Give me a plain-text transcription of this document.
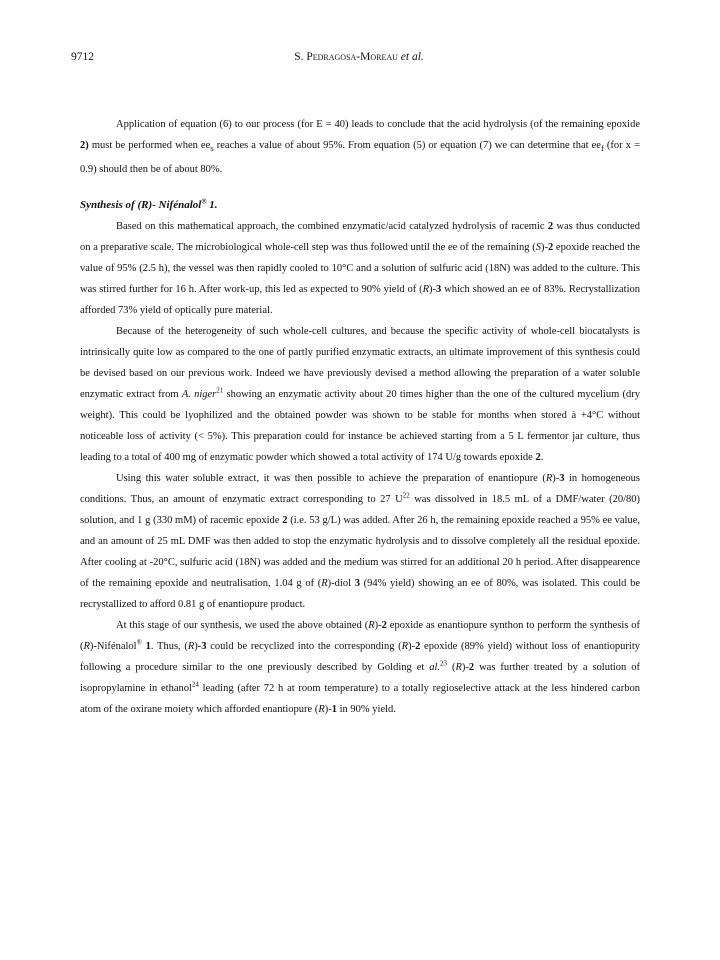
9712	S. Pedragosa-Moreau et al.

Application of equation (6) to our process (for E = 40) leads to conclude that the acid hydrolysis (of the remaining epoxide 2) must be performed when $ee_s$ reaches a value of about 95%. From equation (5) or equation (7) we can determine that $ee_f$ (for x = 0.9) should then be of about 80%.

Synthesis of (R)- Nifénalol® 1.

Based on this mathematical approach, the combined enzymatic/acid catalyzed hydrolysis of racemic 2 was thus conducted on a preparative scale. The microbiological whole-cell step was thus followed until the ee of the remaining (S)-2 epoxide reached the value of 95% (2.5 h), the vessel was then rapidly cooled to 10°C and a solution of sulfuric acid (18N) was added to the culture. This was stirred further for 16 h. After work-up, this led as expected to 90% yield of (R)-3 which showed an ee of 83%. Recrystallization afforded 73% yield of optically pure material.

Because of the heterogeneity of such whole-cell cultures, and because the specific activity of whole-cell biocatalysts is intrinsically quite low as compared to the one of partly purified enzymatic extracts, an ultimate improvement of this synthesis could be devised based on our previous work. Indeed we have previously devised a method allowing the preparation of a water soluble enzymatic extract from A. niger$^{21}$ showing an enzymatic activity about 20 times higher than the one of the cultured mycelium (dry weight). This could be lyophilized and the obtained powder was shown to be stable for months when stored à +4°C without noticeable loss of activity (< 5%). This preparation could for instance be achieved starting from a 5 L fermentor jar culture, thus leading to a total of 400 mg of enzymatic powder which showed a total activity of 174 U/g towards epoxide 2.

Using this water soluble extract, it was then possible to achieve the preparation of enantiopure (R)-3 in homogeneous conditions. Thus, an amount of enzymatic extract corresponding to 27 $U^{22}$ was dissolved in 18.5 mL of a DMF/water (20/80) solution, and 1 g (330 mM) of racemic epoxide 2 (i.e. 53 g/L) was added. After 26 h, the remaining epoxide reached a 95% ee value, and an amount of 25 mL DMF was then added to stop the enzymatic hydrolysis and to dissolve completely all the residual epoxide. After cooling at -20°C, sulfuric acid (18N) was added and the medium was stirred for an additional 20 h period. After disappearence of the remaining epoxide and neutralisation, 1.04 g of (R)-diol 3 (94% yield) showing an ee of 80%, was isolated. This could be recrystallized to afford 0.81 g of enantiopure product.

At this stage of our synthesis, we used the above obtained (R)-2 epoxide as enantiopure synthon to perform the synthesis of (R)-Nifénalol® 1. Thus, (R)-3 could be recyclized into the corresponding (R)-2 epoxide (89% yield) without loss of enantiopurity following a procedure similar to the one previously described by Golding et al.$^{23}$ (R)-2 was further treated by a solution of isopropylamine in ethanol$^{24}$ leading (after 72 h at room temperature) to a totally regioselective attack at the less hindered carbon atom of the oxirane moiety which afforded enantiopure (R)-1 in 90% yield.
